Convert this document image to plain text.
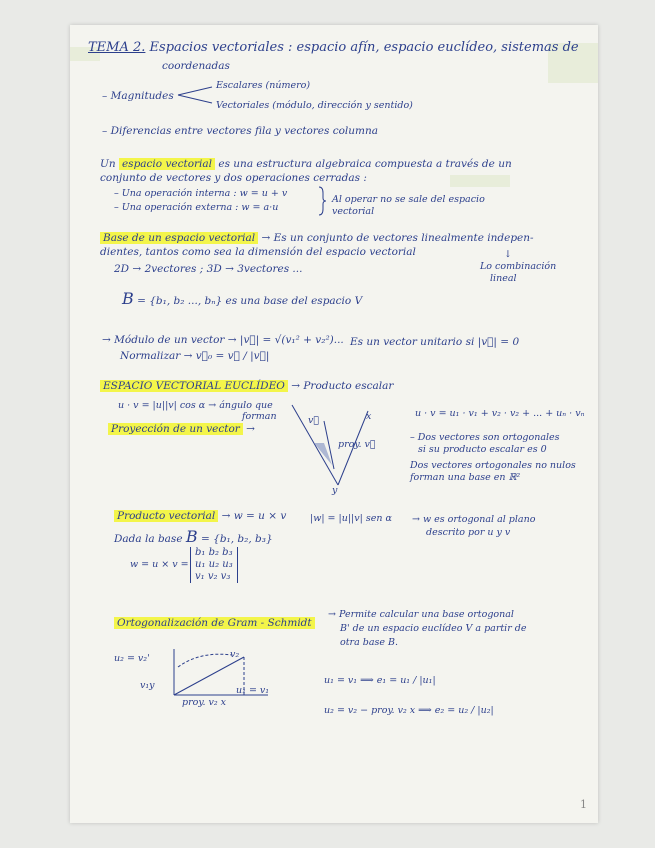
TEMA 2. Espacios vectoriales : espacio afín, espacio euclídeo, sistemas de
coordenadas
– Magnitudes
Escalares (número)
Vectoriales (módulo, dirección y sentido)
– Diferencias entre vectores fila y vectores columna
Un espacio vectorial es una estructura algebraica compuesta a través de un
conjunto de vectores y dos operaciones cerradas :
– Una operación interna : w = u + v
– Una operación externa : w = a·u
Al operar no se sale del espacio
vectorial
Base de un espacio vectorial → Es un conjunto de vectores linealmente indepen-
dientes, tantos como sea la dimensión del espacio vectorial
2D → 2vectores ; 3D → 3vectores ...
↓
Lo combinación
lineal
B = {b₁, b₂ ..., bₙ} es una base del espacio V
→ Módulo de un vector → |v⃗| = √(v₁² + v₂²)... Es un vector unitario si |v⃗| = 0
Normalizar → v⃗₀ = v⃗ / |v⃗|
ESPACIO VECTORIAL EUCLÍDEO → Producto escalar
u · v = |u||v| cos α → ángulo que
forman
Proyección de un vector →
v⃗	x
y
proy. v⃗
u · v = u₁ · v₁ + v₂ · v₂ + ... + uₙ · vₙ
– Dos vectores son ortogonales
si su producto escalar es 0
Dos vectores ortogonales no nulos
forman una base en ℝ²
Producto vectorial → w = u × v |w| = |u||v| sen α → w es ortogonal al plano
descrito por u y v
Dada la base B = {b₁, b₂, b₃}
w = u × v =
b₁ b₂ b₃
u₁ u₂ u₃
v₁ v₂ v₃
Ortogonalización de Gram - Schmidt
→ Permite calcular una base ortogonal
B' de un espacio euclídeo V a partir de
otra base B.
u₂ = v₂'	v₂
v₁y	u₁ = v₁
proy. v₂ x
u₁ = v₁ ⟹ e₁ = u₁ / |u₁|
u₂ = v₂ − proy. v₂ x ⟹ e₂ = u₂ / |u₂|
1
